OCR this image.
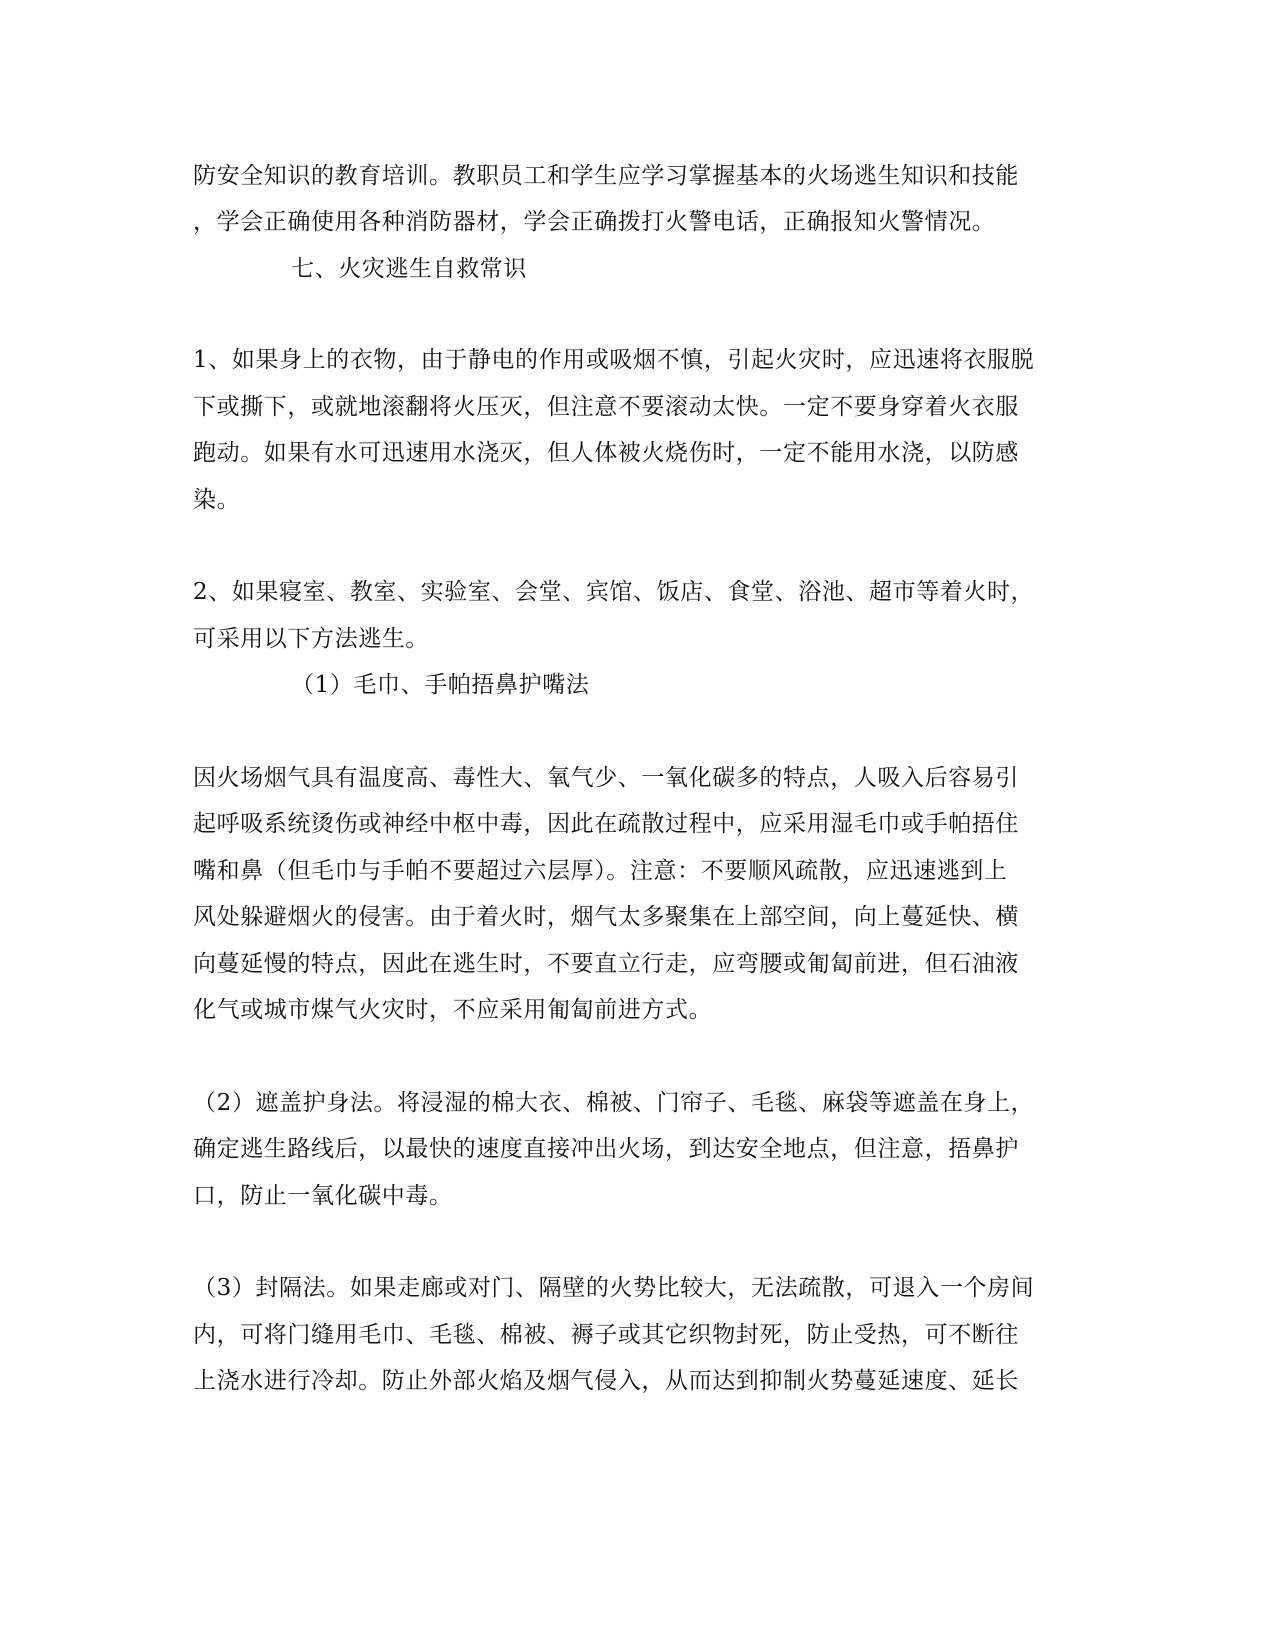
防安全知识的教育培训。教职员工和学生应学习掌握基本的火场逃生知识和技能
，学会正确使用各种消防器材，学会正确拨打火警电话，正确报知火警情况。
七、火灾逃生自救常识
1、如果身上的衣物，由于静电的作用或吸烟不慎，引起火灾时，应迅速将衣服脱
下或撕下，或就地滚翻将火压灭，但注意不要滚动太快。一定不要身穿着火衣服
跑动。如果有水可迅速用水浇灭，但人体被火烧伤时，一定不能用水浇，以防感
染。
2、如果寝室、教室、实验室、会堂、宾馆、饭店、食堂、浴池、超市等着火时，
可采用以下方法逃生。
（1）毛巾、手帕捂鼻护嘴法
因火场烟气具有温度高、毒性大、氧气少、一氧化碳多的特点，人吸入后容易引
起呼吸系统烫伤或神经中枢中毒，因此在疏散过程中，应采用湿毛巾或手帕捂住
嘴和鼻（但毛巾与手帕不要超过六层厚）。注意：不要顺风疏散，应迅速逃到上
风处躲避烟火的侵害。由于着火时，烟气太多聚集在上部空间，向上蔓延快、横
向蔓延慢的特点，因此在逃生时，不要直立行走，应弯腰或匍匐前进，但石油液
化气或城市煤气火灾时，不应采用匍匐前进方式。
（2）遮盖护身法。将浸湿的棉大衣、棉被、门帘子、毛毯、麻袋等遮盖在身上，
确定逃生路线后，以最快的速度直接冲出火场，到达安全地点，但注意，捂鼻护
口，防止一氧化碳中毒。
（3）封隔法。如果走廊或对门、隔壁的火势比较大，无法疏散，可退入一个房间
内，可将门缝用毛巾、毛毯、棉被、褥子或其它织物封死，防止受热，可不断往
上浇水进行冷却。防止外部火焰及烟气侵入，从而达到抑制火势蔓延速度、延长
